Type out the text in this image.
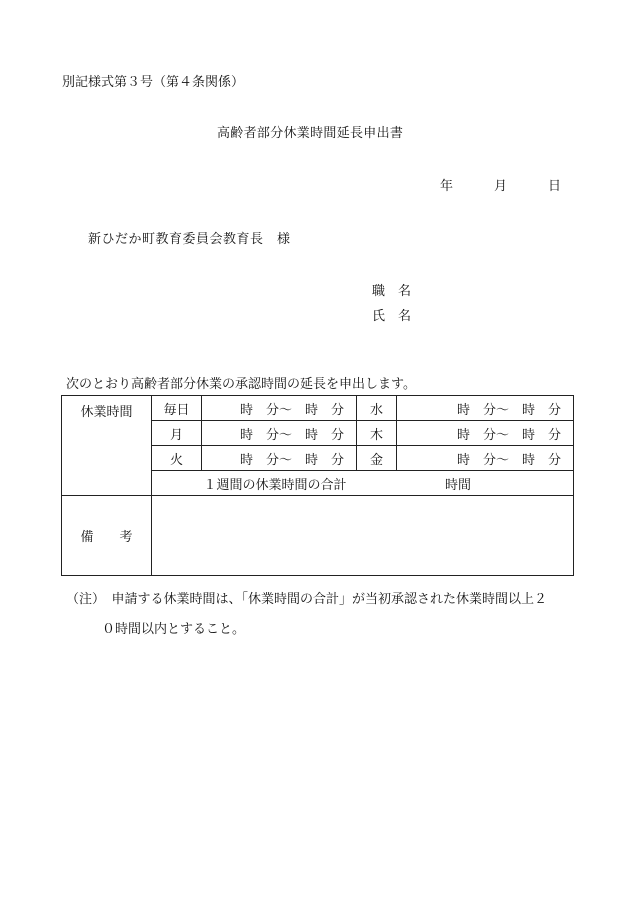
別記様式第３号（第４条関係）
高齢者部分休業時間延長申出書
年	月	日
新ひだか町教育委員会教育長　様
職　名
氏　名
次のとおり高齢者部分休業の承認時間の延長を申出します。
休業時間	毎日	時　分～　時　分	水	時　分～　時　分
	月	時　分～　時　分	木	時　分～　時　分
	火	時　分～　時　分	金	時　分～　時　分
	１週間の休業時間の合計 時間			
備　　考				
（注）　申請する休業時間は、「休業時間の合計」が当初承認された休業時間以上２
０時間以内とすること。
